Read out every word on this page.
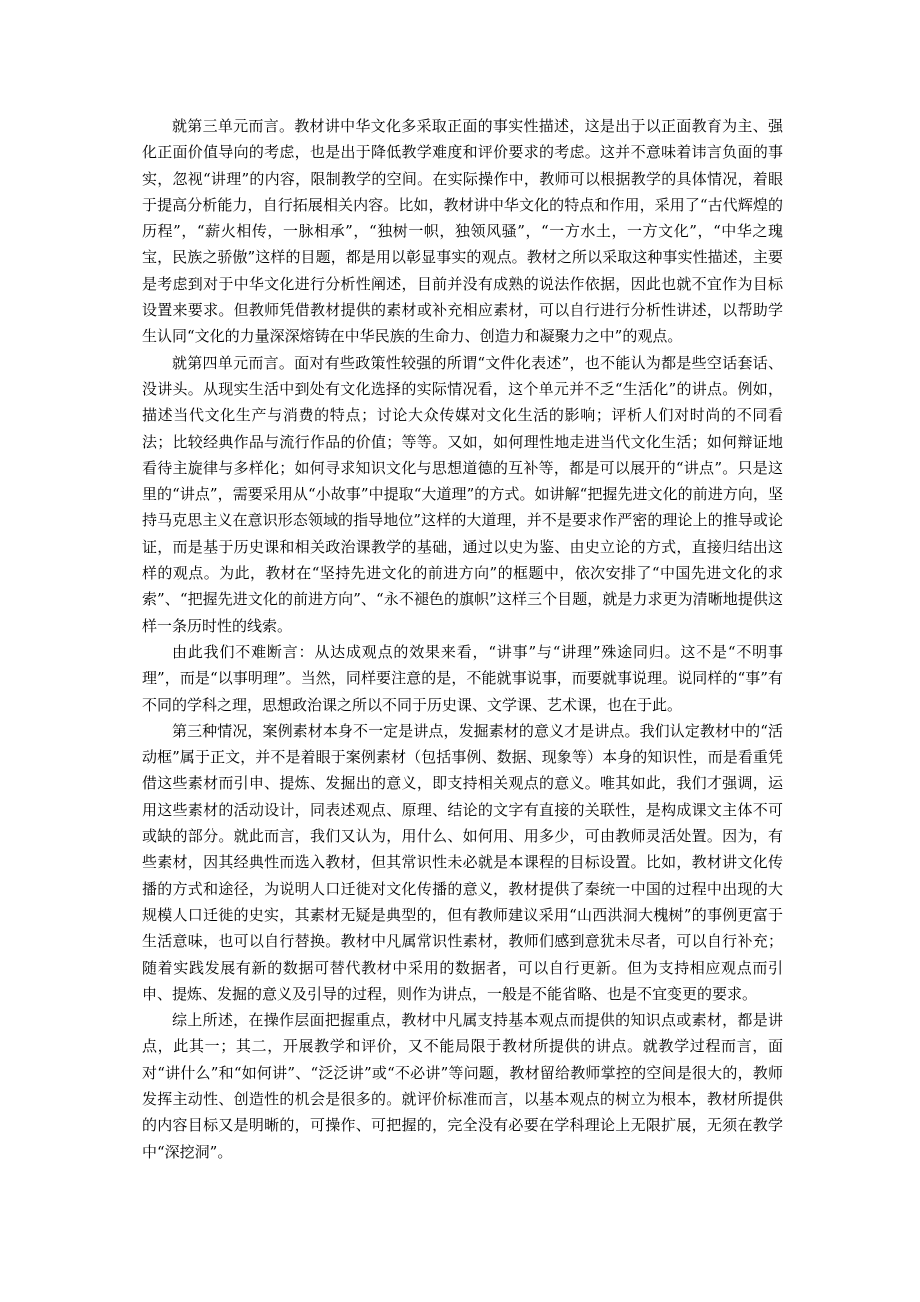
就第三单元而言。教材讲中华文化多采取正面的事实性描述，这是出于以正面教育为主、强化正面价值导向的考虑，也是出于降低教学难度和评价要求的考虑。这并不意味着讳言负面的事实，忽视“讲理”的内容，限制教学的空间。在实际操作中，教师可以根据教学的具体情况，着眼于提高分析能力，自行拓展相关内容。比如，教材讲中华文化的特点和作用，采用了“古代辉煌的历程”，“薪火相传，一脉相承”，“独树一帜，独领风骚”，“一方水土，一方文化”，“中华之瑰宝，民族之骄傲”这样的目题，都是用以彰显事实的观点。教材之所以采取这种事实性描述，主要是考虑到对于中华文化进行分析性阐述，目前并没有成熟的说法作依据，因此也就不宜作为目标设置来要求。但教师凭借教材提供的素材或补充相应素材，可以自行进行分析性讲述，以帮助学生认同“文化的力量深深熔铸在中华民族的生命力、创造力和凝聚力之中”的观点。

就第四单元而言。面对有些政策性较强的所谓“文件化表述”，也不能认为都是些空话套话、没讲头。从现实生活中到处有文化选择的实际情况看，这个单元并不乏“生活化”的讲点。例如，描述当代文化生产与消费的特点；讨论大众传媒对文化生活的影响；评析人们对时尚的不同看法；比较经典作品与流行作品的价值；等等。又如，如何理性地走进当代文化生活；如何辩证地看待主旋律与多样化；如何寻求知识文化与思想道德的互补等，都是可以展开的“讲点”。只是这里的“讲点”，需要采用从“小故事”中提取“大道理”的方式。如讲解“把握先进文化的前进方向，坚持马克思主义在意识形态领域的指导地位”这样的大道理，并不是要求作严密的理论上的推导或论证，而是基于历史课和相关政治课教学的基础，通过以史为鉴、由史立论的方式，直接归结出这样的观点。为此，教材在“坚持先进文化的前进方向”的框题中，依次安排了“中国先进文化的求索”、“把握先进文化的前进方向”、“永不褪色的旗帜”这样三个目题，就是力求更为清晰地提供这样一条历时性的线索。

由此我们不难断言：从达成观点的效果来看，“讲事”与“讲理”殊途同归。这不是“不明事理”，而是“以事明理”。当然，同样要注意的是，不能就事说事，而要就事说理。说同样的“事”有不同的学科之理，思想政治课之所以不同于历史课、文学课、艺术课，也在于此。

第三种情况，案例素材本身不一定是讲点，发掘素材的意义才是讲点。我们认定教材中的“活动框”属于正文，并不是着眼于案例素材（包括事例、数据、现象等）本身的知识性，而是看重凭借这些素材而引申、提炼、发掘出的意义，即支持相关观点的意义。唯其如此，我们才强调，运用这些素材的活动设计，同表述观点、原理、结论的文字有直接的关联性，是构成课文主体不可或缺的部分。就此而言，我们又认为，用什么、如何用、用多少，可由教师灵活处置。因为，有些素材，因其经典性而选入教材，但其常识性未必就是本课程的目标设置。比如，教材讲文化传播的方式和途径，为说明人口迁徙对文化传播的意义，教材提供了秦统一中国的过程中出现的大规模人口迁徙的史实，其素材无疑是典型的，但有教师建议采用“山西洪洞大槐树”的事例更富于生活意味，也可以自行替换。教材中凡属常识性素材，教师们感到意犹未尽者，可以自行补充；随着实践发展有新的数据可替代教材中采用的数据者，可以自行更新。但为支持相应观点而引申、提炼、发掘的意义及引导的过程，则作为讲点，一般是不能省略、也是不宜变更的要求。

综上所述，在操作层面把握重点，教材中凡属支持基本观点而提供的知识点或素材，都是讲点，此其一；其二，开展教学和评价，又不能局限于教材所提供的讲点。就教学过程而言，面对“讲什么”和“如何讲”、“泛泛讲”或“不必讲”等问题，教材留给教师掌控的空间是很大的，教师发挥主动性、创造性的机会是很多的。就评价标准而言，以基本观点的树立为根本，教材所提供的内容目标又是明晰的，可操作、可把握的，完全没有必要在学科理论上无限扩展，无须在教学中“深挖洞”。
